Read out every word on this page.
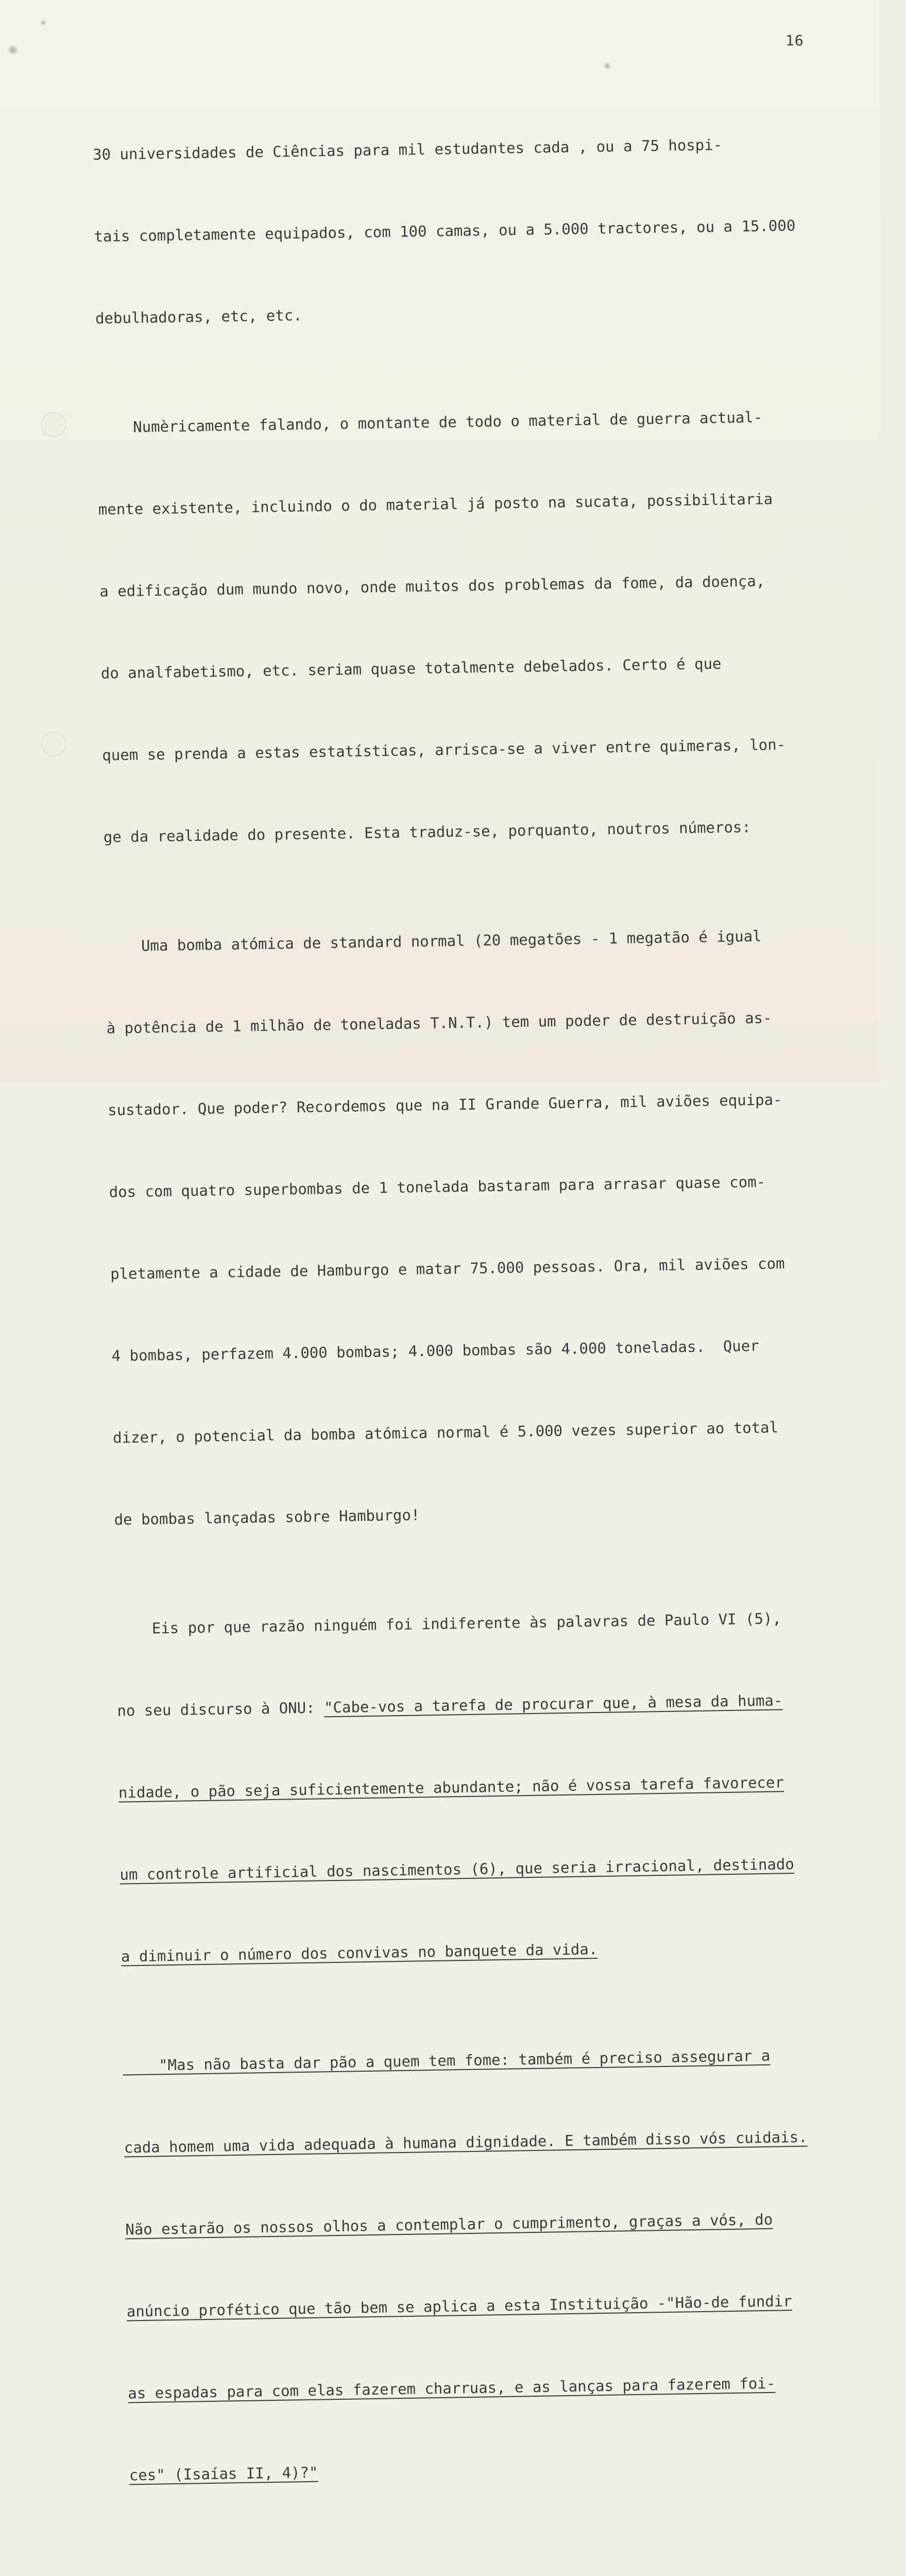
16

30 universidades de Ciências para mil estudantes cada , ou a 75 hospi-

tais completamente equipados, com 100 camas, ou a 5.000 tractores, ou a 15.000

debulhadoras, etc, etc.

Numèricamente falando, o montante de todo o material de guerra actual-

mente existente, incluindo o do material já posto na sucata, possibilitaria

a edificação dum mundo novo, onde muitos dos problemas da fome, da doença,

do analfabetismo, etc. seriam quase totalmente debelados. Certo é que

quem se prenda a estas estatísticas, arrisca-se a viver entre quimeras, lon-

ge da realidade do presente. Esta traduz-se, porquanto, noutros números:

Uma bomba atómica de standard normal (20 megatões - 1 megatão é igual

à potência de 1 milhão de toneladas T.N.T.) tem um poder de destruição as-

sustador. Que poder? Recordemos que na II Grande Guerra, mil aviões equipa-

dos com quatro superbombas de 1 tonelada bastaram para arrasar quase com-

pletamente a cidade de Hamburgo e matar 75.000 pessoas. Ora, mil aviões com

4 bombas, perfazem 4.000 bombas; 4.000 bombas são 4.000 toneladas.  Quer

dizer, o potencial da bomba atómica normal é 5.000 vezes superior ao total

de bombas lançadas sobre Hamburgo!

Eis por que razão ninguém foi indiferente às palavras de Paulo VI (5),

no seu discurso à ONU: "Cabe-vos a tarefa de procurar que, à mesa da huma-

nidade, o pão seja suficientemente abundante; não é vossa tarefa favorecer

um controle artificial dos nascimentos (6), que seria irracional, destinado

a diminuir o número dos convivas no banquete da vida.

"Mas não basta dar pão a quem tem fome: também é preciso assegurar a

cada homem uma vida adequada à humana dignidade. E também disso vós cuidais.

Não estarão os nossos olhos a contemplar o cumprimento, graças a vós, do

anúncio profético que tão bem se aplica a esta Instituição -"Hão-de fundir

as espadas para com elas fazerem charruas, e as lanças para fazerem foi-

ces" (Isaías II, 4)?"
